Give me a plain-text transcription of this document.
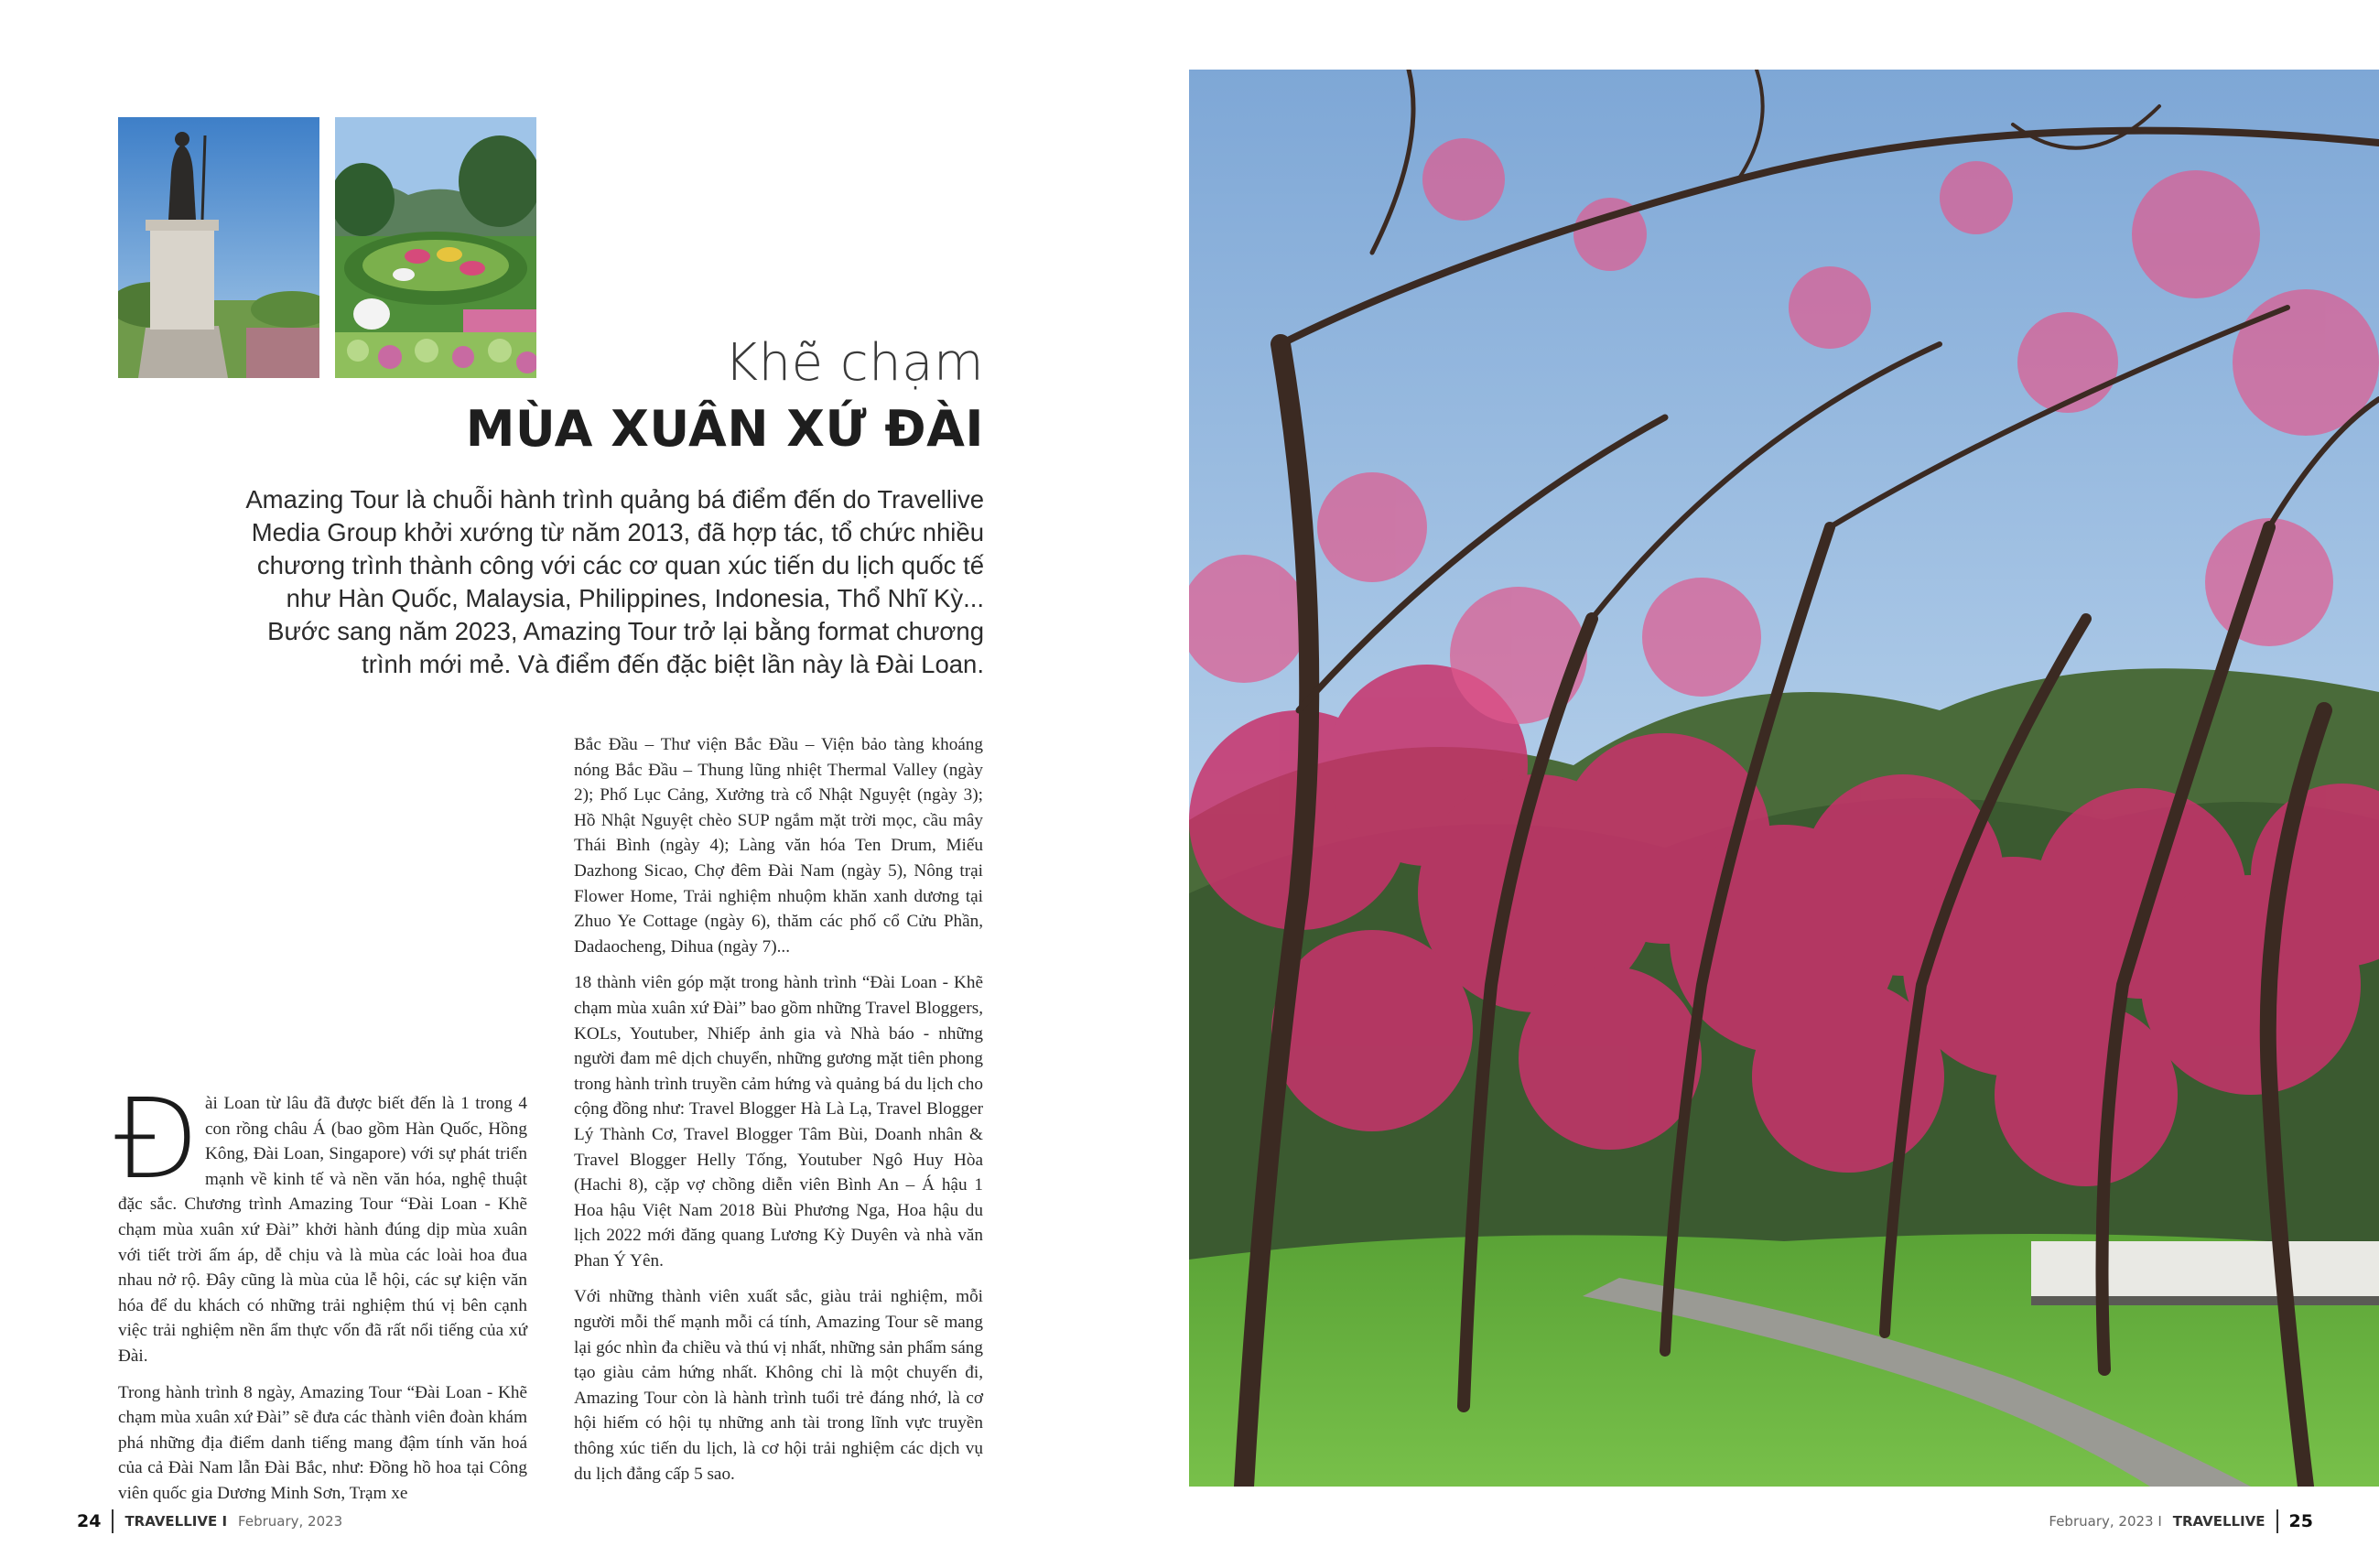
Khẽ chạm
MÙA XUÂN XỨ ĐÀI

Amazing Tour là chuỗi hành trình quảng bá điểm đến do Travellive Media Group khởi xướng từ năm 2013, đã hợp tác, tổ chức nhiều chương trình thành công với các cơ quan xúc tiến du lịch quốc tế như Hàn Quốc, Malaysia, Philippines, Indonesia, Thổ Nhĩ Kỳ... Bước sang năm 2023, Amazing Tour trở lại bằng format chương trình mới mẻ. Và điểm đến đặc biệt lần này là Đài Loan.

Đài Loan từ lâu đã được biết đến là 1 trong 4 con rồng châu Á (bao gồm Hàn Quốc, Hồng Kông, Đài Loan, Singapore) với sự phát triển mạnh về kinh tế và nền văn hóa, nghệ thuật đặc sắc. Chương trình Amazing Tour “Đài Loan - Khẽ chạm mùa xuân xứ Đài” khởi hành đúng dịp mùa xuân với tiết trời ấm áp, dễ chịu và là mùa các loài hoa đua nhau nở rộ. Đây cũng là mùa của lễ hội, các sự kiện văn hóa để du khách có những trải nghiệm thú vị bên cạnh việc trải nghiệm nền ẩm thực vốn đã rất nổi tiếng của xứ Đài.

Trong hành trình 8 ngày, Amazing Tour “Đài Loan - Khẽ chạm mùa xuân xứ Đài” sẽ đưa các thành viên đoàn khám phá những địa điểm danh tiếng mang đậm tính văn hoá của cả Đài Nam lẫn Đài Bắc, như: Đồng hồ hoa tại Công viên quốc gia Dương Minh Sơn, Trạm xe

Bắc Đầu – Thư viện Bắc Đầu – Viện bảo tàng khoáng nóng Bắc Đầu – Thung lũng nhiệt Thermal Valley (ngày 2); Phố Lục Cảng, Xưởng trà cổ Nhật Nguyệt (ngày 3); Hồ Nhật Nguyệt chèo SUP ngắm mặt trời mọc, cầu mây Thái Bình (ngày 4); Làng văn hóa Ten Drum, Miếu Dazhong Sicao, Chợ đêm Đài Nam (ngày 5), Nông trại Flower Home, Trải nghiệm nhuộm khăn xanh dương tại Zhuo Ye Cottage (ngày 6), thăm các phố cổ Cửu Phần, Dadaocheng, Dihua (ngày 7)...

18 thành viên góp mặt trong hành trình “Đài Loan - Khẽ chạm mùa xuân xứ Đài” bao gồm những Travel Bloggers, KOLs, Youtuber, Nhiếp ảnh gia và Nhà báo - những người đam mê dịch chuyển, những gương mặt tiên phong trong hành trình truyền cảm hứng và quảng bá du lịch cho cộng đồng như: Travel Blogger Hà Là Lạ, Travel Blogger Lý Thành Cơ, Travel Blogger Tâm Bùi, Doanh nhân & Travel Blogger Helly Tống, Youtuber Ngô Huy Hòa (Hachi 8), cặp vợ chồng diễn viên Bình An – Á hậu 1 Hoa hậu Việt Nam 2018 Bùi Phương Nga, Hoa hậu du lịch 2022 mới đăng quang Lương Kỳ Duyên và nhà văn Phan Ý Yên.

Với những thành viên xuất sắc, giàu trải nghiệm, mỗi người mỗi thế mạnh mỗi cá tính, Amazing Tour sẽ mang lại góc nhìn đa chiều và thú vị nhất, những sản phẩm sáng tạo giàu cảm hứng nhất. Không chỉ là một chuyến đi, Amazing Tour còn là hành trình tuổi trẻ đáng nhớ, là cơ hội hiếm có hội tụ những anh tài trong lĩnh vực truyền thông xúc tiến du lịch, là cơ hội trải nghiệm các dịch vụ du lịch đẳng cấp 5 sao.

24 TRAVELLIVE I February, 2023	February, 2023 I TRAVELLIVE 25
